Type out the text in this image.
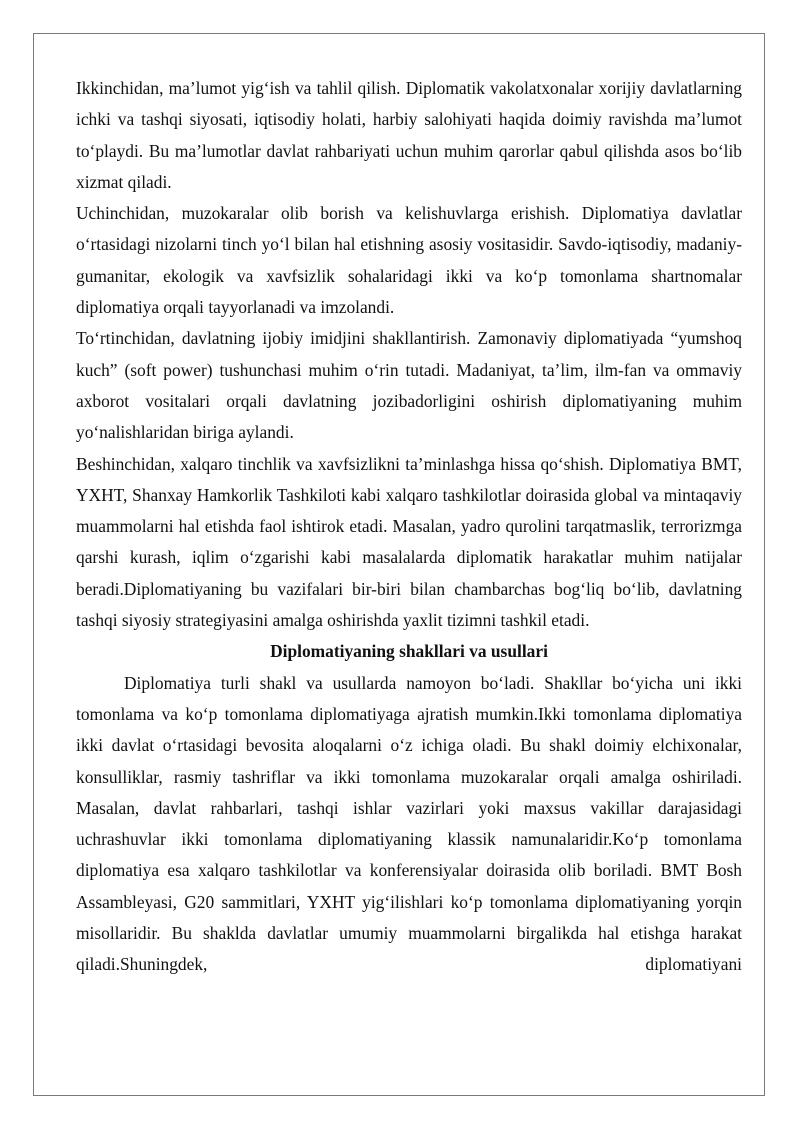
Ikkinchidan, ma’lumot yig‘ish va tahlil qilish. Diplomatik vakolatxonalar xorijiy davlatlarning ichki va tashqi siyosati, iqtisodiy holati, harbiy salohiyati haqida doimiy ravishda ma’lumot to‘playdi. Bu ma’lumotlar davlat rahbariyati uchun muhim qarorlar qabul qilishda asos bo‘lib xizmat qiladi.

Uchinchidan, muzokaralar olib borish va kelishuvlarga erishish. Diplomatiya davlatlar o‘rtasidagi nizolarni tinch yo‘l bilan hal etishning asosiy vositasidir. Savdo-iqtisodiy, madaniy-gumanitar, ekologik va xavfsizlik sohalaridagi ikki va ko‘p tomonlama shartnomalar diplomatiya orqali tayyorlanadi va imzolandi.

To‘rtinchidan, davlatning ijobiy imidjini shakllantirish. Zamonaviy diplomatiyada “yumshoq kuch” (soft power) tushunchasi muhim o‘rin tutadi. Madaniyat, ta’lim, ilm-fan va ommaviy axborot vositalari orqali davlatning jozibadorligini oshirish diplomatiyaning muhim yo‘nalishlaridan biriga aylandi.

Beshinchidan, xalqaro tinchlik va xavfsizlikni ta’minlashga hissa qo‘shish. Diplomatiya BMT, YXHT, Shanxay Hamkorlik Tashkiloti kabi xalqaro tashkilotlar doirasida global va mintaqaviy muammolarni hal etishda faol ishtirok etadi. Masalan, yadro qurolini tarqatmaslik, terrorizmga qarshi kurash, iqlim o‘zgarishi kabi masalalarda diplomatik harakatlar muhim natijalar beradi.Diplomatiyaning bu vazifalari bir-biri bilan chambarchas bog‘liq bo‘lib, davlatning tashqi siyosiy strategiyasini amalga oshirishda yaxlit tizimni tashkil etadi.

Diplomatiyaning shakllari va usullari

Diplomatiya turli shakl va usullarda namoyon bo‘ladi. Shakllar bo‘yicha uni ikki tomonlama va ko‘p tomonlama diplomatiyaga ajratish mumkin.Ikki tomonlama diplomatiya ikki davlat o‘rtasidagi bevosita aloqalarni o‘z ichiga oladi. Bu shakl doimiy elchixonalar, konsulliklar, rasmiy tashriflar va ikki tomonlama muzokaralar orqali amalga oshiriladi. Masalan, davlat rahbarlari, tashqi ishlar vazirlari yoki maxsus vakillar darajasidagi uchrashuvlar ikki tomonlama diplomatiyaning klassik namunalaridir.Ko‘p tomonlama diplomatiya esa xalqaro tashkilotlar va konferensiyalar doirasida olib boriladi. BMT Bosh Assambleyasi, G20 sammitlari, YXHT yig‘ilishlari ko‘p tomonlama diplomatiyaning yorqin misollaridir. Bu shaklda davlatlar umumiy muammolarni birgalikda hal etishga harakat qiladi.Shuningdek, diplomatiyani
